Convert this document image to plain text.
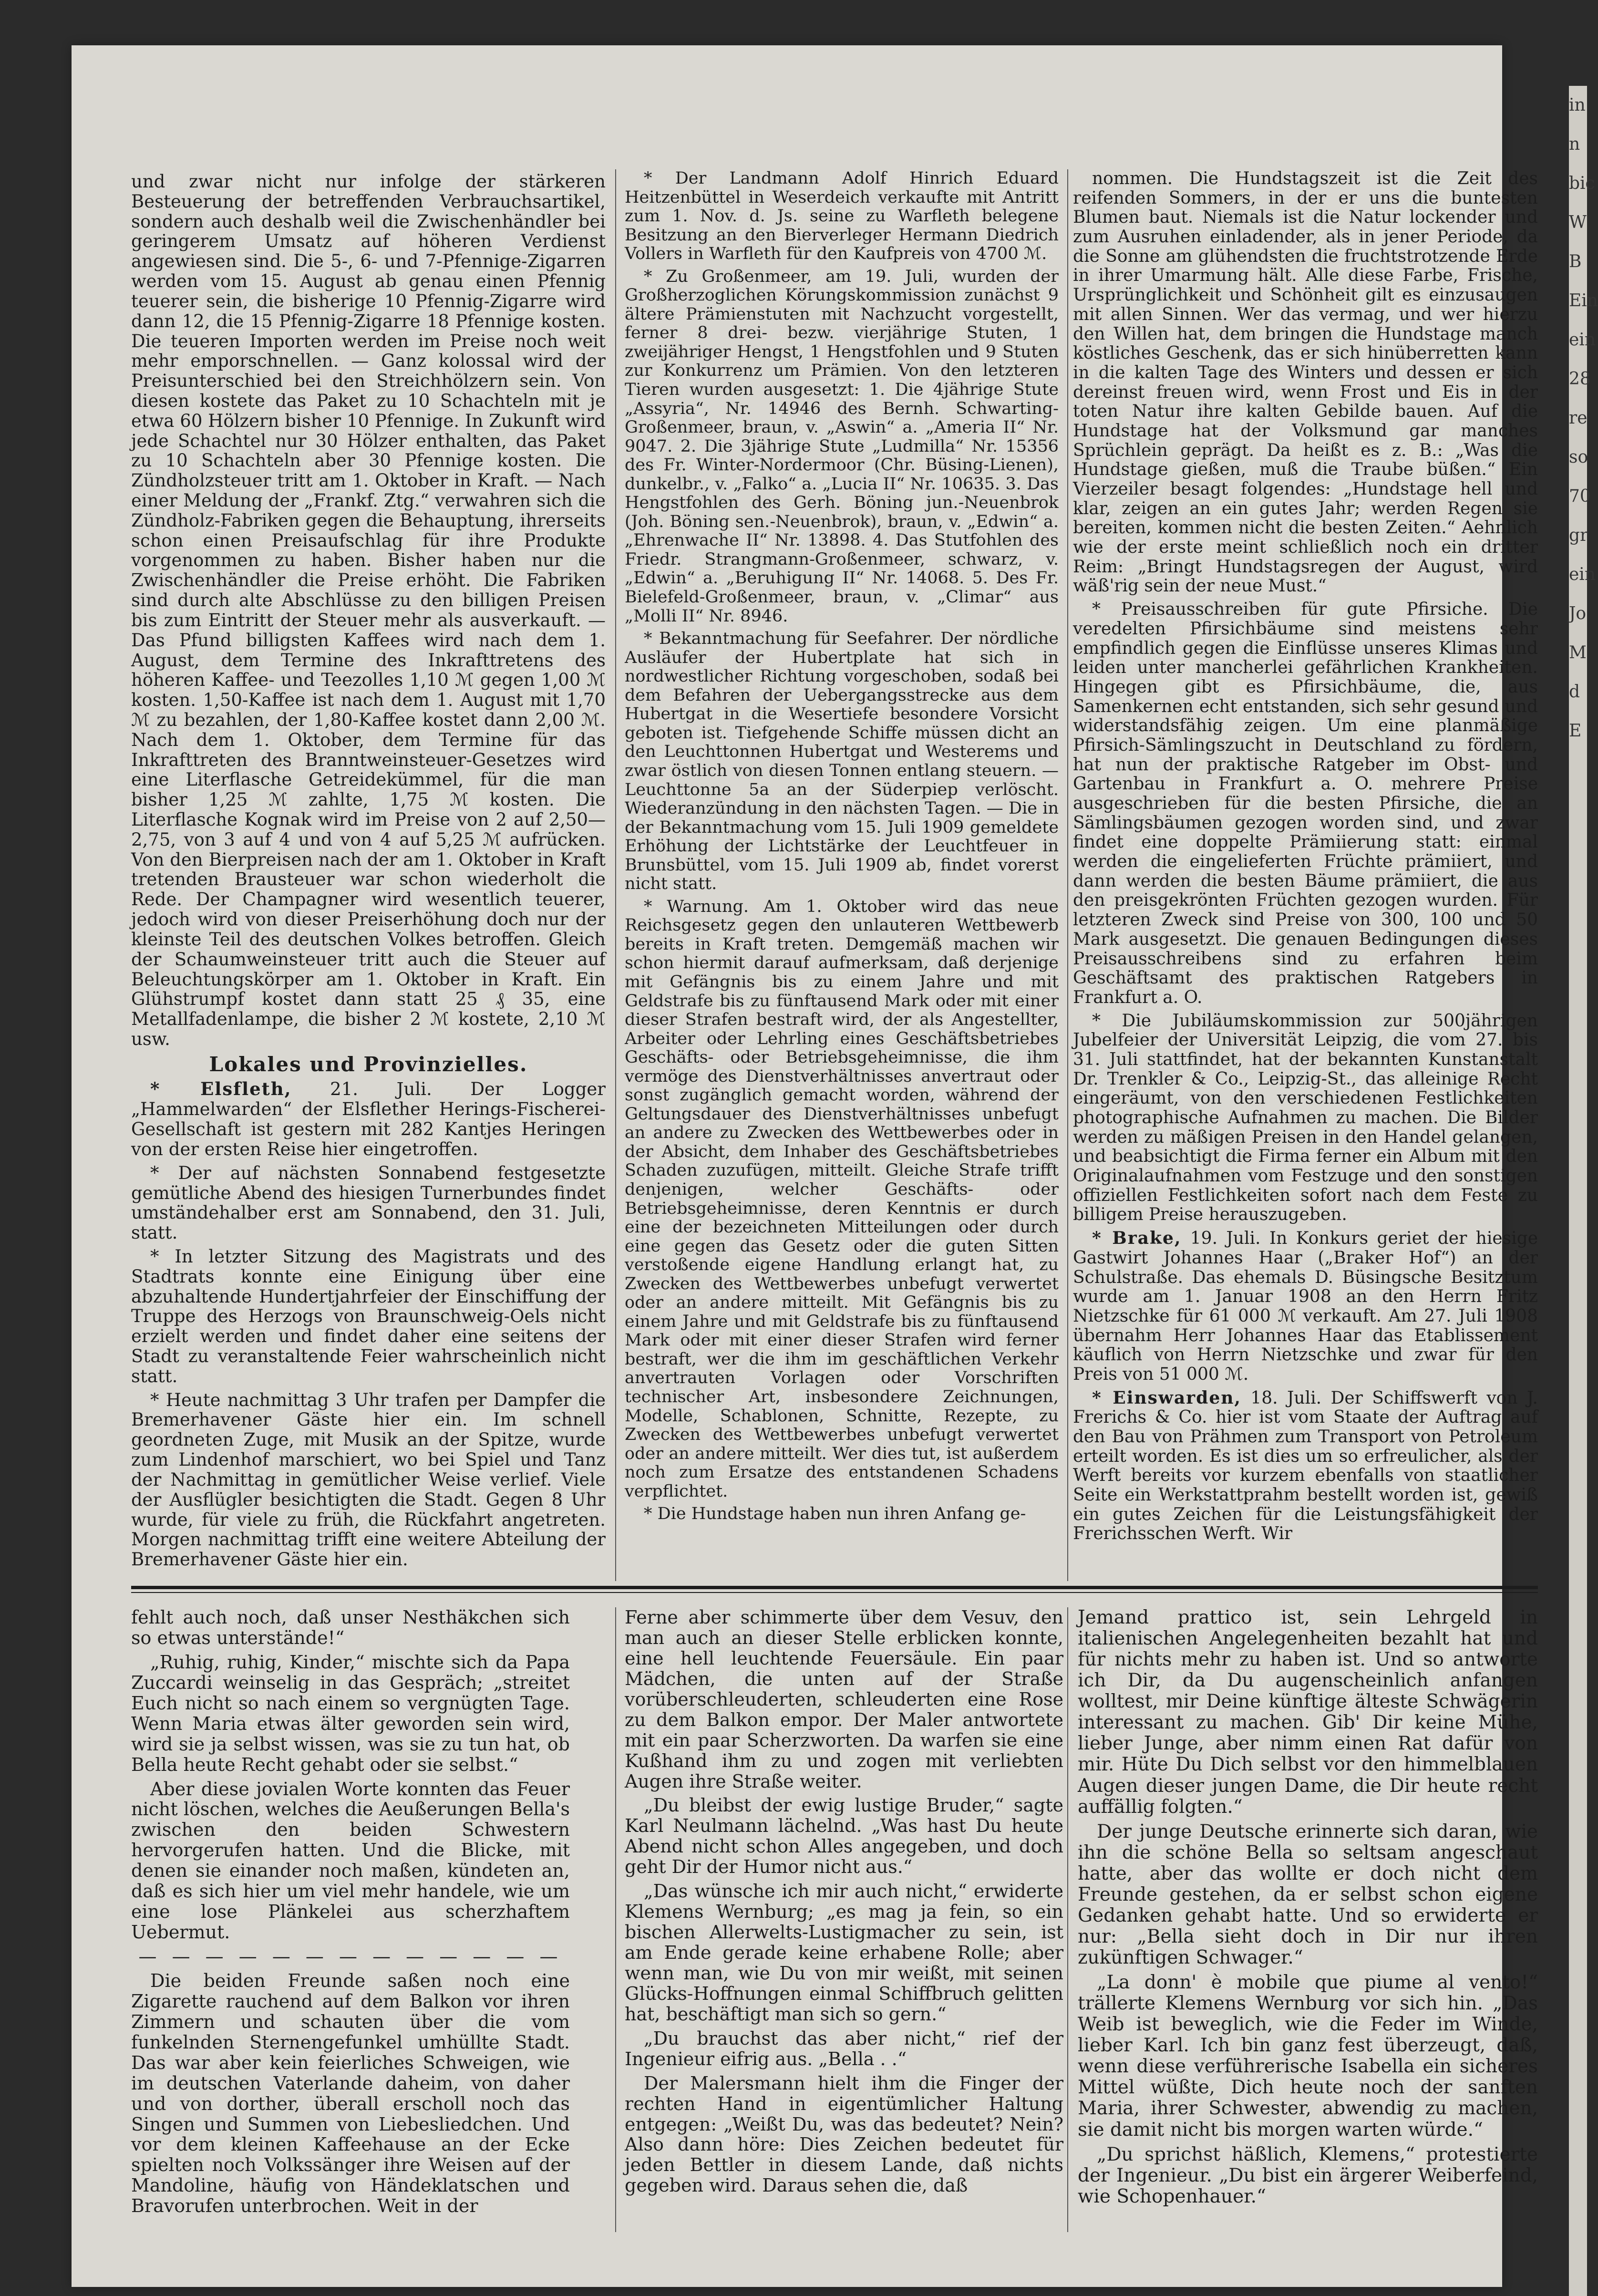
in
n
bic
W
B
Ein
ein
28
re
so
70
gr
ein
Jo
M
d
E

und zwar nicht nur infolge der stärkeren Besteuerung der betreffenden Verbrauchsartikel, sondern auch deshalb weil die Zwischenhändler bei geringerem Umsatz auf höheren Verdienst angewiesen sind. Die 5-, 6- und 7-Pfennige-Zigarren werden vom 15. August ab genau einen Pfennig teuerer sein, die bisherige 10 Pfennig-Zigarre wird dann 12, die 15 Pfennig-Zigarre 18 Pfennige kosten. Die teueren Importen werden im Preise noch weit mehr emporschnellen. — Ganz kolossal wird der Preisunterschied bei den Streichhölzern sein. Von diesen kostete das Paket zu 10 Schachteln mit je etwa 60 Hölzern bisher 10 Pfennige. In Zukunft wird jede Schachtel nur 30 Hölzer enthalten, das Paket zu 10 Schachteln aber 30 Pfennige kosten. Die Zündholzsteuer tritt am 1. Oktober in Kraft. — Nach einer Meldung der „Frankf. Ztg.“ verwahren sich die Zündholz-Fabriken gegen die Behauptung, ihrerseits schon einen Preisaufschlag für ihre Produkte vorgenommen zu haben. Bisher haben nur die Zwischenhändler die Preise erhöht. Die Fabriken sind durch alte Abschlüsse zu den billigen Preisen bis zum Eintritt der Steuer mehr als ausverkauft. — Das Pfund billigsten Kaffees wird nach dem 1. August, dem Termine des Inkrafttretens des höheren Kaffee- und Teezolles 1,10 ℳ gegen 1,00 ℳ kosten. 1,50-Kaffee ist nach dem 1. August mit 1,70 ℳ zu bezahlen, der 1,80-Kaffee kostet dann 2,00 ℳ. Nach dem 1. Oktober, dem Termine für das Inkrafttreten des Branntweinsteuer-Gesetzes wird eine Literflasche Getreidekümmel, für die man bisher 1,25 ℳ zahlte, 1,75 ℳ kosten. Die Literflasche Kognak wird im Preise von 2 auf 2,50—2,75, von 3 auf 4 und von 4 auf 5,25 ℳ aufrücken. Von den Bierpreisen nach der am 1. Oktober in Kraft tretenden Brausteuer war schon wiederholt die Rede. Der Champagner wird wesentlich teuerer, jedoch wird von dieser Preiserhöhung doch nur der kleinste Teil des deutschen Volkes betroffen. Gleich der Schaumweinsteuer tritt auch die Steuer auf Beleuchtungskörper am 1. Oktober in Kraft. Ein Glühstrumpf kostet dann statt 25 ₰ 35, eine Metallfadenlampe, die bisher 2 ℳ kostete, 2,10 ℳ usw.

Lokales und Provinzielles.

* Elsfleth, 21. Juli. Der Logger „Hammelwarden“ der Elsflether Herings-Fischerei-Gesellschaft ist gestern mit 282 Kantjes Heringen von der ersten Reise hier eingetroffen.

* Der auf nächsten Sonnabend festgesetzte gemütliche Abend des hiesigen Turnerbundes findet umständehalber erst am Sonnabend, den 31. Juli, statt.

* In letzter Sitzung des Magistrats und des Stadtrats konnte eine Einigung über eine abzuhaltende Hundertjahrfeier der Einschiffung der Truppe des Herzogs von Braunschweig-Oels nicht erzielt werden und findet daher eine seitens der Stadt zu veranstaltende Feier wahrscheinlich nicht statt.

* Heute nachmittag 3 Uhr trafen per Dampfer die Bremerhavener Gäste hier ein. Im schnell geordneten Zuge, mit Musik an der Spitze, wurde zum Lindenhof marschiert, wo bei Spiel und Tanz der Nachmittag in gemütlicher Weise verlief. Viele der Ausflügler besichtigten die Stadt. Gegen 8 Uhr wurde, für viele zu früh, die Rückfahrt angetreten. Morgen nachmittag trifft eine weitere Abteilung der Bremerhavener Gäste hier ein.

* Der Landmann Adolf Hinrich Eduard Heitzenbüttel in Weserdeich verkaufte mit Antritt zum 1. Nov. d. Js. seine zu Warfleth belegene Besitzung an den Bierverleger Hermann Diedrich Vollers in Warfleth für den Kaufpreis von 4700 ℳ.

* Zu Großenmeer, am 19. Juli, wurden der Großherzoglichen Körungskommission zunächst 9 ältere Prämienstuten mit Nachzucht vorgestellt, ferner 8 drei- bezw. vierjährige Stuten, 1 zweijähriger Hengst, 1 Hengstfohlen und 9 Stuten zur Konkurrenz um Prämien. Von den letzteren Tieren wurden ausgesetzt: 1. Die 4jährige Stute „Assyria“, Nr. 14946 des Bernh. Schwarting-Großenmeer, braun, v. „Aswin“ a. „Ameria II“ Nr. 9047. 2. Die 3jährige Stute „Ludmilla“ Nr. 15356 des Fr. Winter-Nordermoor (Chr. Büsing-Lienen), dunkelbr., v. „Falko“ a. „Lucia II“ Nr. 10635. 3. Das Hengstfohlen des Gerh. Böning jun.-Neuenbrok (Joh. Böning sen.-Neuenbrok), braun, v. „Edwin“ a. „Ehrenwache II“ Nr. 13898. 4. Das Stutfohlen des Friedr. Strangmann-Großenmeer, schwarz, v. „Edwin“ a. „Beruhigung II“ Nr. 14068. 5. Des Fr. Bielefeld-Großenmeer, braun, v. „Climar“ aus „Molli II“ Nr. 8946.

* Bekanntmachung für Seefahrer. Der nördliche Ausläufer der Hubertplate hat sich in nordwestlicher Richtung vorgeschoben, sodaß bei dem Befahren der Uebergangsstrecke aus dem Hubertgat in die Wesertiefe besondere Vorsicht geboten ist. Tiefgehende Schiffe müssen dicht an den Leuchttonnen Hubertgat und Westerems und zwar östlich von diesen Tonnen entlang steuern. — Leuchttonne 5a an der Süderpiep verlöscht. Wiederanzündung in den nächsten Tagen. — Die in der Bekanntmachung vom 15. Juli 1909 gemeldete Erhöhung der Lichtstärke der Leuchtfeuer in Brunsbüttel, vom 15. Juli 1909 ab, findet vorerst nicht statt.

* Warnung. Am 1. Oktober wird das neue Reichsgesetz gegen den unlauteren Wettbewerb bereits in Kraft treten. Demgemäß machen wir schon hiermit darauf aufmerksam, daß derjenige mit Gefängnis bis zu einem Jahre und mit Geldstrafe bis zu fünftausend Mark oder mit einer dieser Strafen bestraft wird, der als Angestellter, Arbeiter oder Lehrling eines Geschäftsbetriebes Geschäfts- oder Betriebsgeheimnisse, die ihm vermöge des Dienstverhältnisses anvertraut oder sonst zugänglich gemacht worden, während der Geltungsdauer des Dienstverhältnisses unbefugt an andere zu Zwecken des Wettbewerbes oder in der Absicht, dem Inhaber des Geschäftsbetriebes Schaden zuzufügen, mitteilt. Gleiche Strafe trifft denjenigen, welcher Geschäfts- oder Betriebsgeheimnisse, deren Kenntnis er durch eine der bezeichneten Mitteilungen oder durch eine gegen das Gesetz oder die guten Sitten verstoßende eigene Handlung erlangt hat, zu Zwecken des Wettbewerbes unbefugt verwertet oder an andere mitteilt. Mit Gefängnis bis zu einem Jahre und mit Geldstrafe bis zu fünftausend Mark oder mit einer dieser Strafen wird ferner bestraft, wer die ihm im geschäftlichen Verkehr anvertrauten Vorlagen oder Vorschriften technischer Art, insbesondere Zeichnungen, Modelle, Schablonen, Schnitte, Rezepte, zu Zwecken des Wettbewerbes unbefugt verwertet oder an andere mitteilt. Wer dies tut, ist außerdem noch zum Ersatze des entstandenen Schadens verpflichtet.

* Die Hundstage haben nun ihren Anfang ge-

nommen. Die Hundstagszeit ist die Zeit des reifenden Sommers, in der er uns die buntesten Blumen baut. Niemals ist die Natur lockender und zum Ausruhen einladender, als in jener Periode, da die Sonne am glühendsten die fruchtstrotzende Erde in ihrer Umarmung hält. Alle diese Farbe, Frische, Ursprünglichkeit und Schönheit gilt es einzusaugen mit allen Sinnen. Wer das vermag, und wer hierzu den Willen hat, dem bringen die Hundstage manch köstliches Geschenk, das er sich hinüberretten kann in die kalten Tage des Winters und dessen er sich dereinst freuen wird, wenn Frost und Eis in der toten Natur ihre kalten Gebilde bauen. Auf die Hundstage hat der Volksmund gar manches Sprüchlein geprägt. Da heißt es z. B.: „Was die Hundstage gießen, muß die Traube büßen.“ Ein Vierzeiler besagt folgendes: „Hundstage hell und klar, zeigen an ein gutes Jahr; werden Regen sie bereiten, kommen nicht die besten Zeiten.“ Aehnlich wie der erste meint schließlich noch ein dritter Reim: „Bringt Hundstagsregen der August, wird wäß'rig sein der neue Must.“

* Preisausschreiben für gute Pfirsiche. Die veredelten Pfirsichbäume sind meistens sehr empfindlich gegen die Einflüsse unseres Klimas und leiden unter mancherlei gefährlichen Krankheiten. Hingegen gibt es Pfirsichbäume, die, aus Samenkernen echt entstanden, sich sehr gesund und widerstandsfähig zeigen. Um eine planmäßige Pfirsich-Sämlingszucht in Deutschland zu fördern, hat nun der praktische Ratgeber im Obst- und Gartenbau in Frankfurt a. O. mehrere Preise ausgeschrieben für die besten Pfirsiche, die an Sämlingsbäumen gezogen worden sind, und zwar findet eine doppelte Prämiierung statt: einmal werden die eingelieferten Früchte prämiiert, und dann werden die besten Bäume prämiiert, die aus den preisgekrönten Früchten gezogen wurden. Für letzteren Zweck sind Preise von 300, 100 und 50 Mark ausgesetzt. Die genauen Bedingungen dieses Preisausschreibens sind zu erfahren beim Geschäftsamt des praktischen Ratgebers in Frankfurt a. O.

* Die Jubiläumskommission zur 500jährigen Jubelfeier der Universität Leipzig, die vom 27. bis 31. Juli stattfindet, hat der bekannten Kunstanstalt Dr. Trenkler & Co., Leipzig-St., das alleinige Recht eingeräumt, von den verschiedenen Festlichkeiten photographische Aufnahmen zu machen. Die Bilder werden zu mäßigen Preisen in den Handel gelangen, und beabsichtigt die Firma ferner ein Album mit den Originalaufnahmen vom Festzuge und den sonstigen offiziellen Festlichkeiten sofort nach dem Feste zu billigem Preise herauszugeben.

* Brake, 19. Juli. In Konkurs geriet der hiesige Gastwirt Johannes Haar („Braker Hof“) an der Schulstraße. Das ehemals D. Büsingsche Besitztum wurde am 1. Januar 1908 an den Herrn Fritz Nietzschke für 61 000 ℳ verkauft. Am 27. Juli 1908 übernahm Herr Johannes Haar das Etablissement käuflich von Herrn Nietzschke und zwar für den Preis von 51 000 ℳ.

* Einswarden, 18. Juli. Der Schiffswerft von J. Frerichs & Co. hier ist vom Staate der Auftrag auf den Bau von Prähmen zum Transport von Petroleum erteilt worden. Es ist dies um so erfreulicher, als der Werft bereits vor kurzem ebenfalls von staatlicher Seite ein Werkstattprahm bestellt worden ist, gewiß ein gutes Zeichen für die Leistungsfähigkeit der Frerichsschen Werft. Wir

fehlt auch noch, daß unser Nesthäkchen sich so etwas unterstände!“

„Ruhig, ruhig, Kinder,“ mischte sich da Papa Zuccardi weinselig in das Gespräch; „streitet Euch nicht so nach einem so vergnügten Tage. Wenn Maria etwas älter geworden sein wird, wird sie ja selbst wissen, was sie zu tun hat, ob Bella heute Recht gehabt oder sie selbst.“

Aber diese jovialen Worte konnten das Feuer nicht löschen, welches die Aeußerungen Bella's zwischen den beiden Schwestern hervorgerufen hatten. Und die Blicke, mit denen sie einander noch maßen, kündeten an, daß es sich hier um viel mehr handele, wie um eine lose Plänkelei aus scherzhaftem Uebermut.

— — — — — — — — — — — — —

Die beiden Freunde saßen noch eine Zigarette rauchend auf dem Balkon vor ihren Zimmern und schauten über die vom funkelnden Sternengefunkel umhüllte Stadt. Das war aber kein feierliches Schweigen, wie im deutschen Vaterlande daheim, von daher und von dorther, überall erscholl noch das Singen und Summen von Liebesliedchen. Und vor dem kleinen Kaffeehause an der Ecke spielten noch Volkssänger ihre Weisen auf der Mandoline, häufig von Händeklatschen und Bravorufen unterbrochen. Weit in der

Ferne aber schimmerte über dem Vesuv, den man auch an dieser Stelle erblicken konnte, eine hell leuchtende Feuersäule. Ein paar Mädchen, die unten auf der Straße vorüberschleuderten, schleuderten eine Rose zu dem Balkon empor. Der Maler antwortete mit ein paar Scherzworten. Da warfen sie eine Kußhand ihm zu und zogen mit verliebten Augen ihre Straße weiter.

„Du bleibst der ewig lustige Bruder,“ sagte Karl Neulmann lächelnd. „Was hast Du heute Abend nicht schon Alles angegeben, und doch geht Dir der Humor nicht aus.“

„Das wünsche ich mir auch nicht,“ erwiderte Klemens Wernburg; „es mag ja fein, so ein bischen Allerwelts-Lustigmacher zu sein, ist am Ende gerade keine erhabene Rolle; aber wenn man, wie Du von mir weißt, mit seinen Glücks-Hoffnungen einmal Schiffbruch gelitten hat, beschäftigt man sich so gern.“

„Du brauchst das aber nicht,“ rief der Ingenieur eifrig aus. „Bella . .“

Der Malersmann hielt ihm die Finger der rechten Hand in eigentümlicher Haltung entgegen: „Weißt Du, was das bedeutet? Nein? Also dann höre: Dies Zeichen bedeutet für jeden Bettler in diesem Lande, daß nichts gegeben wird. Daraus sehen die, daß

Jemand prattico ist, sein Lehrgeld in italienischen Angelegenheiten bezahlt hat und für nichts mehr zu haben ist. Und so antworte ich Dir, da Du augenscheinlich anfangen wolltest, mir Deine künftige älteste Schwägerin interessant zu machen. Gib' Dir keine Mühe, lieber Junge, aber nimm einen Rat dafür von mir. Hüte Du Dich selbst vor den himmelblauen Augen dieser jungen Dame, die Dir heute recht auffällig folgten.“

Der junge Deutsche erinnerte sich daran, wie ihn die schöne Bella so seltsam angeschaut hatte, aber das wollte er doch nicht dem Freunde gestehen, da er selbst schon eigene Gedanken gehabt hatte. Und so erwiderte er nur: „Bella sieht doch in Dir nur ihren zukünftigen Schwager.“

„La donn' è mobile que piume al vento!“ trällerte Klemens Wernburg vor sich hin. „Das Weib ist beweglich, wie die Feder im Winde, lieber Karl. Ich bin ganz fest überzeugt, daß, wenn diese verführerische Isabella ein sicheres Mittel wüßte, Dich heute noch der sanften Maria, ihrer Schwester, abwendig zu machen, sie damit nicht bis morgen warten würde.“

„Du sprichst häßlich, Klemens,“ protestierte der Ingenieur. „Du bist ein ärgerer Weiberfeind, wie Schopenhauer.“
